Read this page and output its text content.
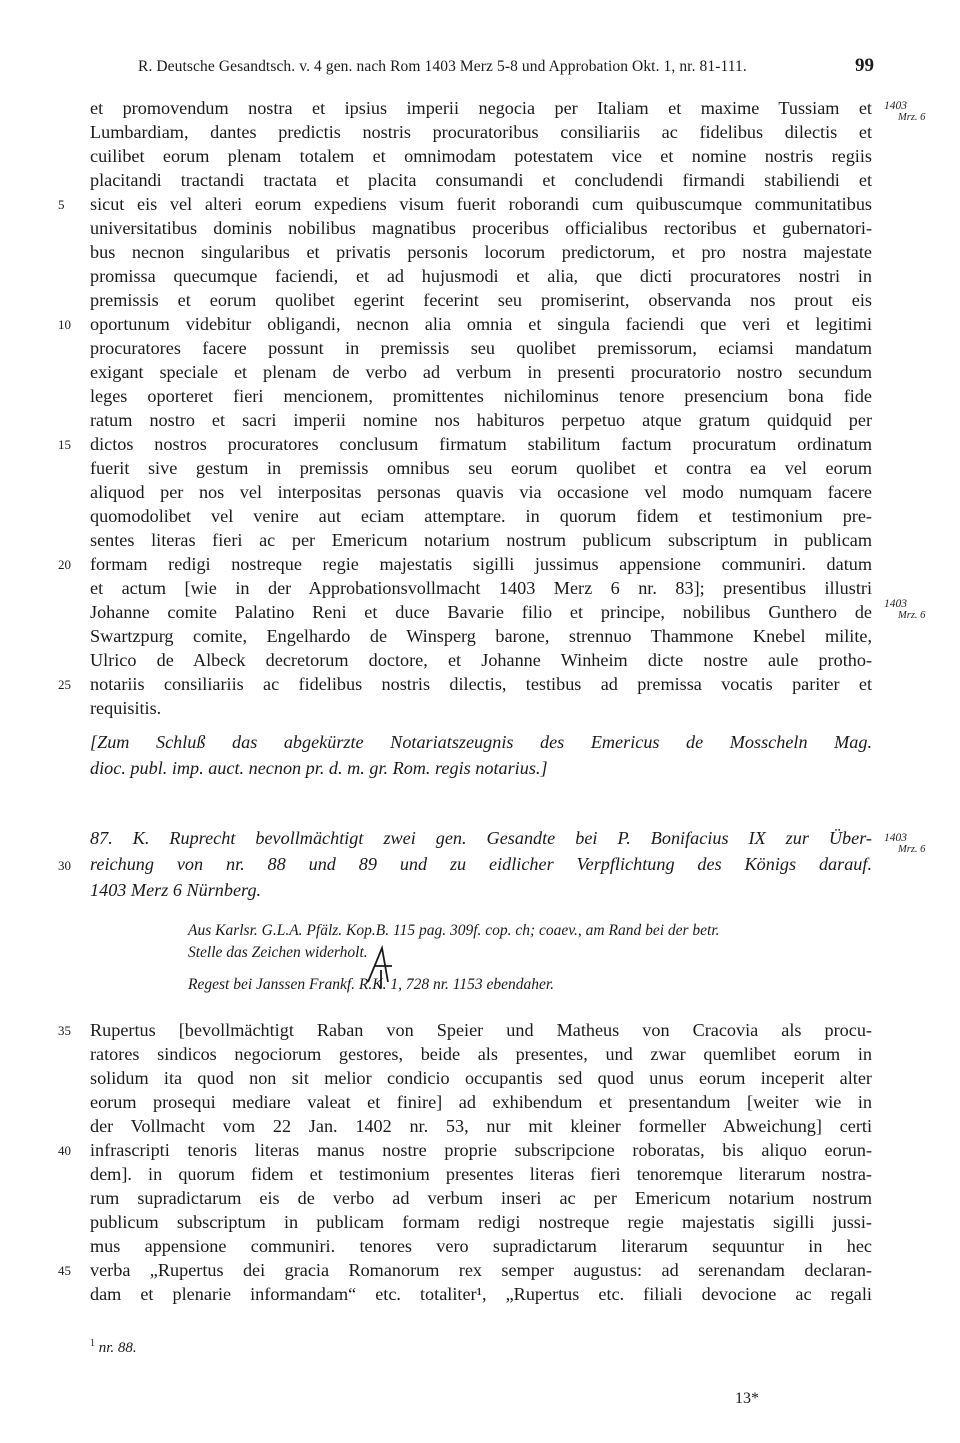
R. Deutsche Gesandtsch. v. 4 gen. nach Rom 1403 Merz 5-8 und Approbation Okt. 1, nr. 81-111.	99
et promovendum nostra et ipsius imperii negocia per Italiam et maxime Tussiam et
Lumbardiam, dantes predictis nostris procuratoribus consiliariis ac fidelibus dilectis et
cuilibet eorum plenam totalem et omnimodam potestatem vice et nomine nostris regiis
placitandi tractandi tractata et placita consumandi et concludendi firmandi stabiliendi et
sicut eis vel alteri eorum expediens visum fuerit roborandi cum quibuscumque communitatibus
universitatibus dominis nobilibus magnatibus proceribus officialibus rectoribus et gubernatori-
bus necnon singularibus et privatis personis locorum predictorum, et pro nostra majestate
promissa quecumque faciendi, et ad hujusmodi et alia, que dicti procuratores nostri in
premissis et eorum quolibet egerint fecerint seu promiserint, observanda nos prout eis
oportunum videbitur obligandi, necnon alia omnia et singula faciendi que veri et legitimi
procuratores facere possunt in premissis seu quolibet premissorum, eciamsi mandatum
exigant speciale et plenam de verbo ad verbum in presenti procuratorio nostro secundum
leges oporteret fieri mencionem, promittentes nichilominus tenore presencium bona fide
ratum nostro et sacri imperii nomine nos habituros perpetuo atque gratum quidquid per
dictos nostros procuratores conclusum firmatum stabilitum factum procuratum ordinatum
fuerit sive gestum in premissis omnibus seu eorum quolibet et contra ea vel eorum
aliquod per nos vel interpositas personas quavis via occasione vel modo numquam facere
quomodolibet vel venire aut eciam attemptare. in quorum fidem et testimonium pre-
sentes literas fieri ac per Emericum notarium nostrum publicum subscriptum in publicam
formam redigi nostreque regie majestatis sigilli jussimus appensione communiri. datum
et actum [wie in der Approbationsvollmacht 1403 Merz 6 nr. 83]; presentibus illustri
Johanne comite Palatino Reni et duce Bavarie filio et principe, nobilibus Gunthero de
Swartzpurg comite, Engelhardo de Winsperg barone, strennuo Thammone Knebel milite,
Ulrico de Albeck decretorum doctore, et Johanne Winheim dicte nostre aule protho-
notariis consiliariis ac fidelibus nostris dilectis, testibus ad premissa vocatis pariter et
requisitis.
[Zum Schluß das abgekürzte Notariatszeugnis des Emericus de Mosscheln Mag.
dioc. publ. imp. auct. necnon pr. d. m. gr. Rom. regis notarius.]
87. K. Ruprecht bevollmächtigt zwei gen. Gesandte bei P. Bonifacius IX zur Über-
reichung von nr. 88 und 89 und zu eidlicher Verpflichtung des Königs darauf.
1403 Merz 6 Nürnberg.
Aus Karlsr. G.L.A. Pfälz. Kop.B. 115 pag. 309f. cop. ch; coaev., am Rand bei der betr.
Stelle das Zeichen widerholt.
Regest bei Janssen Frankf. R.K. 1, 728 nr. 1153 ebendaher.
Rupertus [bevollmächtigt Raban von Speier und Matheus von Cracovia als procu-
ratores sindicos negociorum gestores, beide als presentes, und zwar quemlibet eorum in
solidum ita quod non sit melior condicio occupantis sed quod unus eorum inceperit alter
eorum prosequi mediare valeat et finire] ad exhibendum et presentandum [weiter wie in
der Vollmacht vom 22 Jan. 1402 nr. 53, nur mit kleiner formeller Abweichung] certi
infrascripti tenoris literas manus nostre proprie subscripcione roboratas, bis aliquo eorun-
dem]. in quorum fidem et testimonium presentes literas fieri tenoremque literarum nostra-
rum supradictarum eis de verbo ad verbum inseri ac per Emericum notarium nostrum
publicum subscriptum in publicam formam redigi nostreque regie majestatis sigilli jussi-
mus appensione communiri. tenores vero supradictarum literarum sequuntur in hec
verba „Rupertus dei gracia Romanorum rex semper augustus: ad serenandam declaran-
dam et plenarie informandam“ etc. totaliter¹, „Rupertus etc. filiali devocione ac regali
5
10
15
20
25
30
35
40
45
1403
Mrz. 6
1403
Mrz. 6
1403
Mrz. 6
$^1$ nr. 88.
13*
